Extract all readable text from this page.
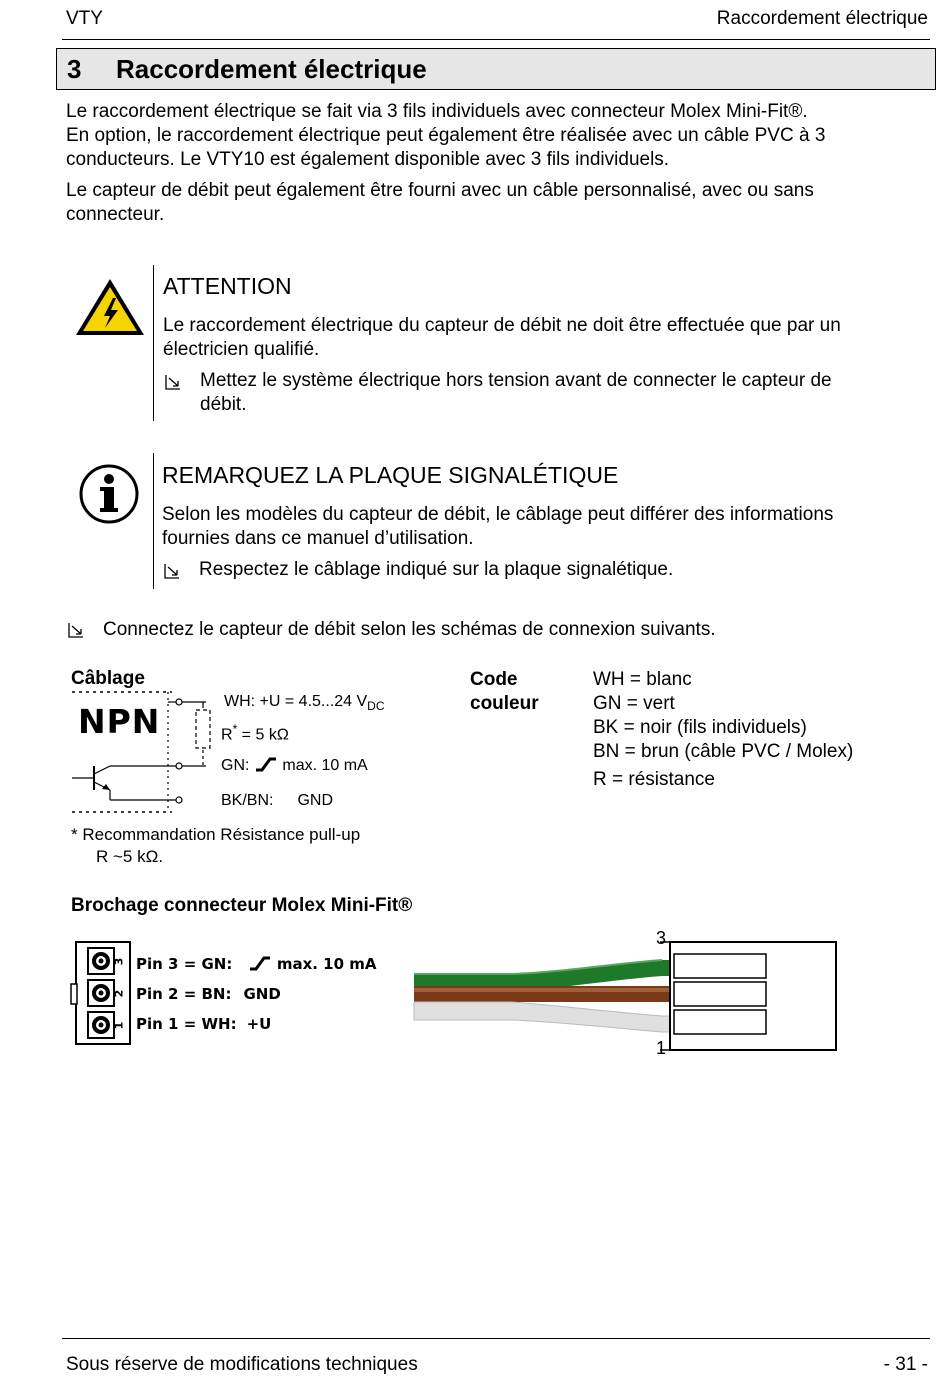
VTY	Raccordement électrique
3 Raccordement électrique
Le raccordement électrique se fait via 3 fils individuels avec connecteur Molex Mini-Fit®.
En option, le raccordement électrique peut également être réalisée avec un câble PVC à 3
conducteurs. Le VTY10 est également disponible avec 3 fils individuels.
Le capteur de débit peut également être fourni avec un câble personnalisé, avec ou sans
connecteur.
ATTENTION
Le raccordement électrique du capteur de débit ne doit être effectuée que par un
électricien qualifié.
Mettez le système électrique hors tension avant de connecter le capteur de
débit.
REMARQUEZ LA PLAQUE SIGNALÉTIQUE
Selon les modèles du capteur de débit, le câblage peut différer des informations
fournies dans ce manuel d’utilisation.
Respectez le câblage indiqué sur la plaque signalétique.
Connectez le capteur de débit selon les schémas de connexion suivants.
Câblage
NPN
WH: +U = 4.5...24 $V_{DC}$
R* = 5 kΩ
GN: max. 10 mA
BK/BN: GND
* Recommandation Résistance pull-up
R ~5 kΩ.
Code
couleur
WH = blanc
GN = vert
BK = noir (fils individuels)
BN = brun (câble PVC / Molex)
R = résistance
Brochage connecteur Molex Mini-Fit®
3
2
1
Pin 3 = GN:	max. 10 mA
Pin 2 = BN: GND
Pin 1 = WH: +U
3
1
Sous réserve de modifications techniques	- 31 -
